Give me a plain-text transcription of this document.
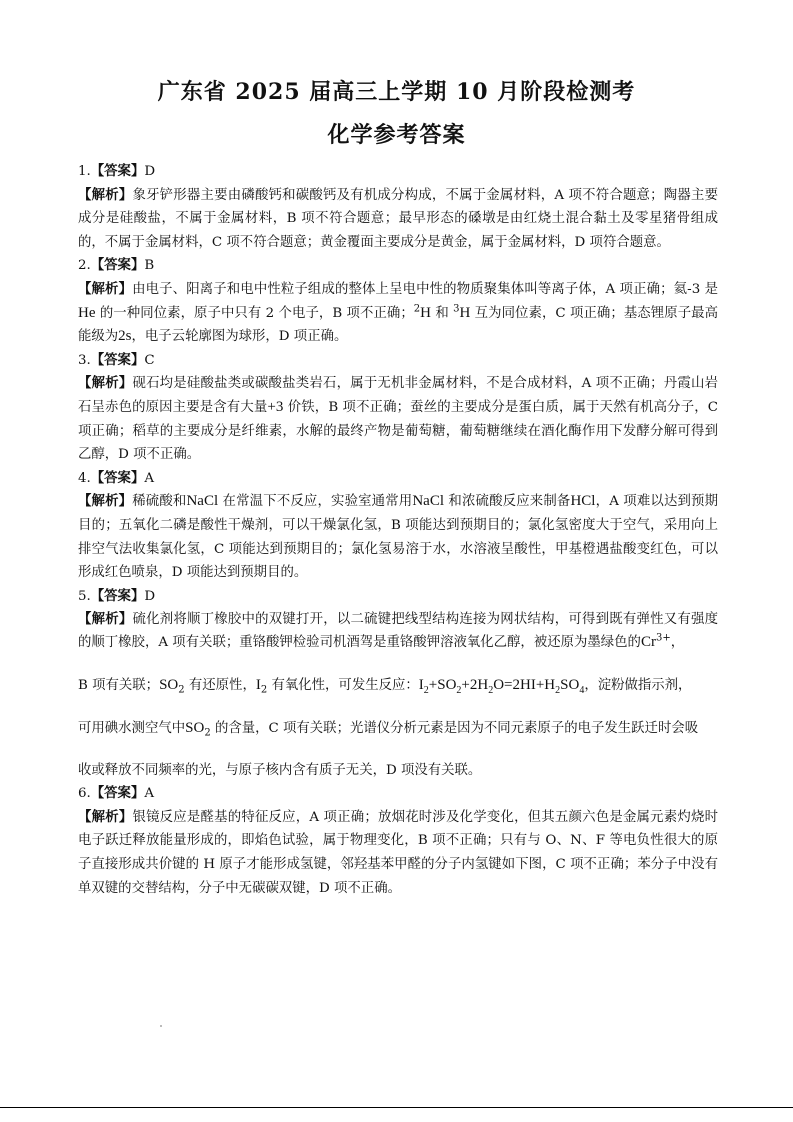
广东省 2025 届高三上学期 10 月阶段检测考
化学参考答案
1.【答案】D

【解析】象牙铲形器主要由磷酸钙和碳酸钙及有机成分构成，不属于金属材料，A 项不符合题意；陶器主要成分是硅酸盐，不属于金属材料，B 项不符合题意；最早形态的磉墩是由红烧土混合黏土及零星猪骨组成的，不属于金属材料，C 项不符合题意；黄金覆面主要成分是黄金，属于金属材料，D 项符合题意。

2.【答案】B

【解析】由电子、阳离子和电中性粒子组成的整体上呈电中性的物质聚集体叫等离子体，A 项正确；氦-3 是He 的一种同位素，原子中只有 2 个电子，B 项不正确；$^2$H 和 $^3$H 互为同位素，C 项正确；基态锂原子最高能级为2s，电子云轮廓图为球形，D 项正确。

3.【答案】C

【解析】砚石均是硅酸盐类或碳酸盐类岩石，属于无机非金属材料，不是合成材料，A 项不正确；丹霞山岩石呈赤色的原因主要是含有大量+3 价铁，B 项不正确；蚕丝的主要成分是蛋白质，属于天然有机高分子，C 项正确；稻草的主要成分是纤维素，水解的最终产物是葡萄糖，葡萄糖继续在酒化酶作用下发酵分解可得到乙醇，D 项不正确。

4.【答案】A

【解析】稀硫酸和NaCl 在常温下不反应，实验室通常用NaCl 和浓硫酸反应来制备HCl，A 项难以达到预期目的；五氧化二磷是酸性干燥剂，可以干燥氯化氢，B 项能达到预期目的；氯化氢密度大于空气，采用向上排空气法收集氯化氢，C 项能达到预期目的；氯化氢易溶于水，水溶液呈酸性，甲基橙遇盐酸变红色，可以形成红色喷泉，D 项能达到预期目的。

5.【答案】D
【解析】硫化剂将顺丁橡胶中的双键打开，以二硫键把线型结构连接为网状结构，可得到既有弹性又有强度的顺丁橡胶，A 项有关联；重铬酸钾检验司机酒驾是重铬酸钾溶液氧化乙醇，被还原为墨绿色的$Cr^{3+}$，
B 项有关联；$SO_2$ 有还原性，$I_2$ 有氧化性，可发生反应：$I_2+SO_2+2H_2O=2HI+H_2SO_4$，淀粉做指示剂，
可用碘水测空气中$SO_2$ 的含量，C 项有关联；光谱仪分析元素是因为不同元素原子的电子发生跃迁时会吸
收或释放不同频率的光，与原子核内含有质子无关，D 项没有关联。
6.【答案】A

【解析】银镜反应是醛基的特征反应，A 项正确；放烟花时涉及化学变化，但其五颜六色是金属元素灼烧时电子跃迁释放能量形成的，即焰色试验，属于物理变化，B 项不正确；只有与 O、N、F 等电负性很大的原子直接形成共价键的 H 原子才能形成氢键，邻羟基苯甲醛的分子内氢键如下图，C 项不正确；苯分子中没有单双键的交替结构，分子中无碳碳双键，D 项不正确。
